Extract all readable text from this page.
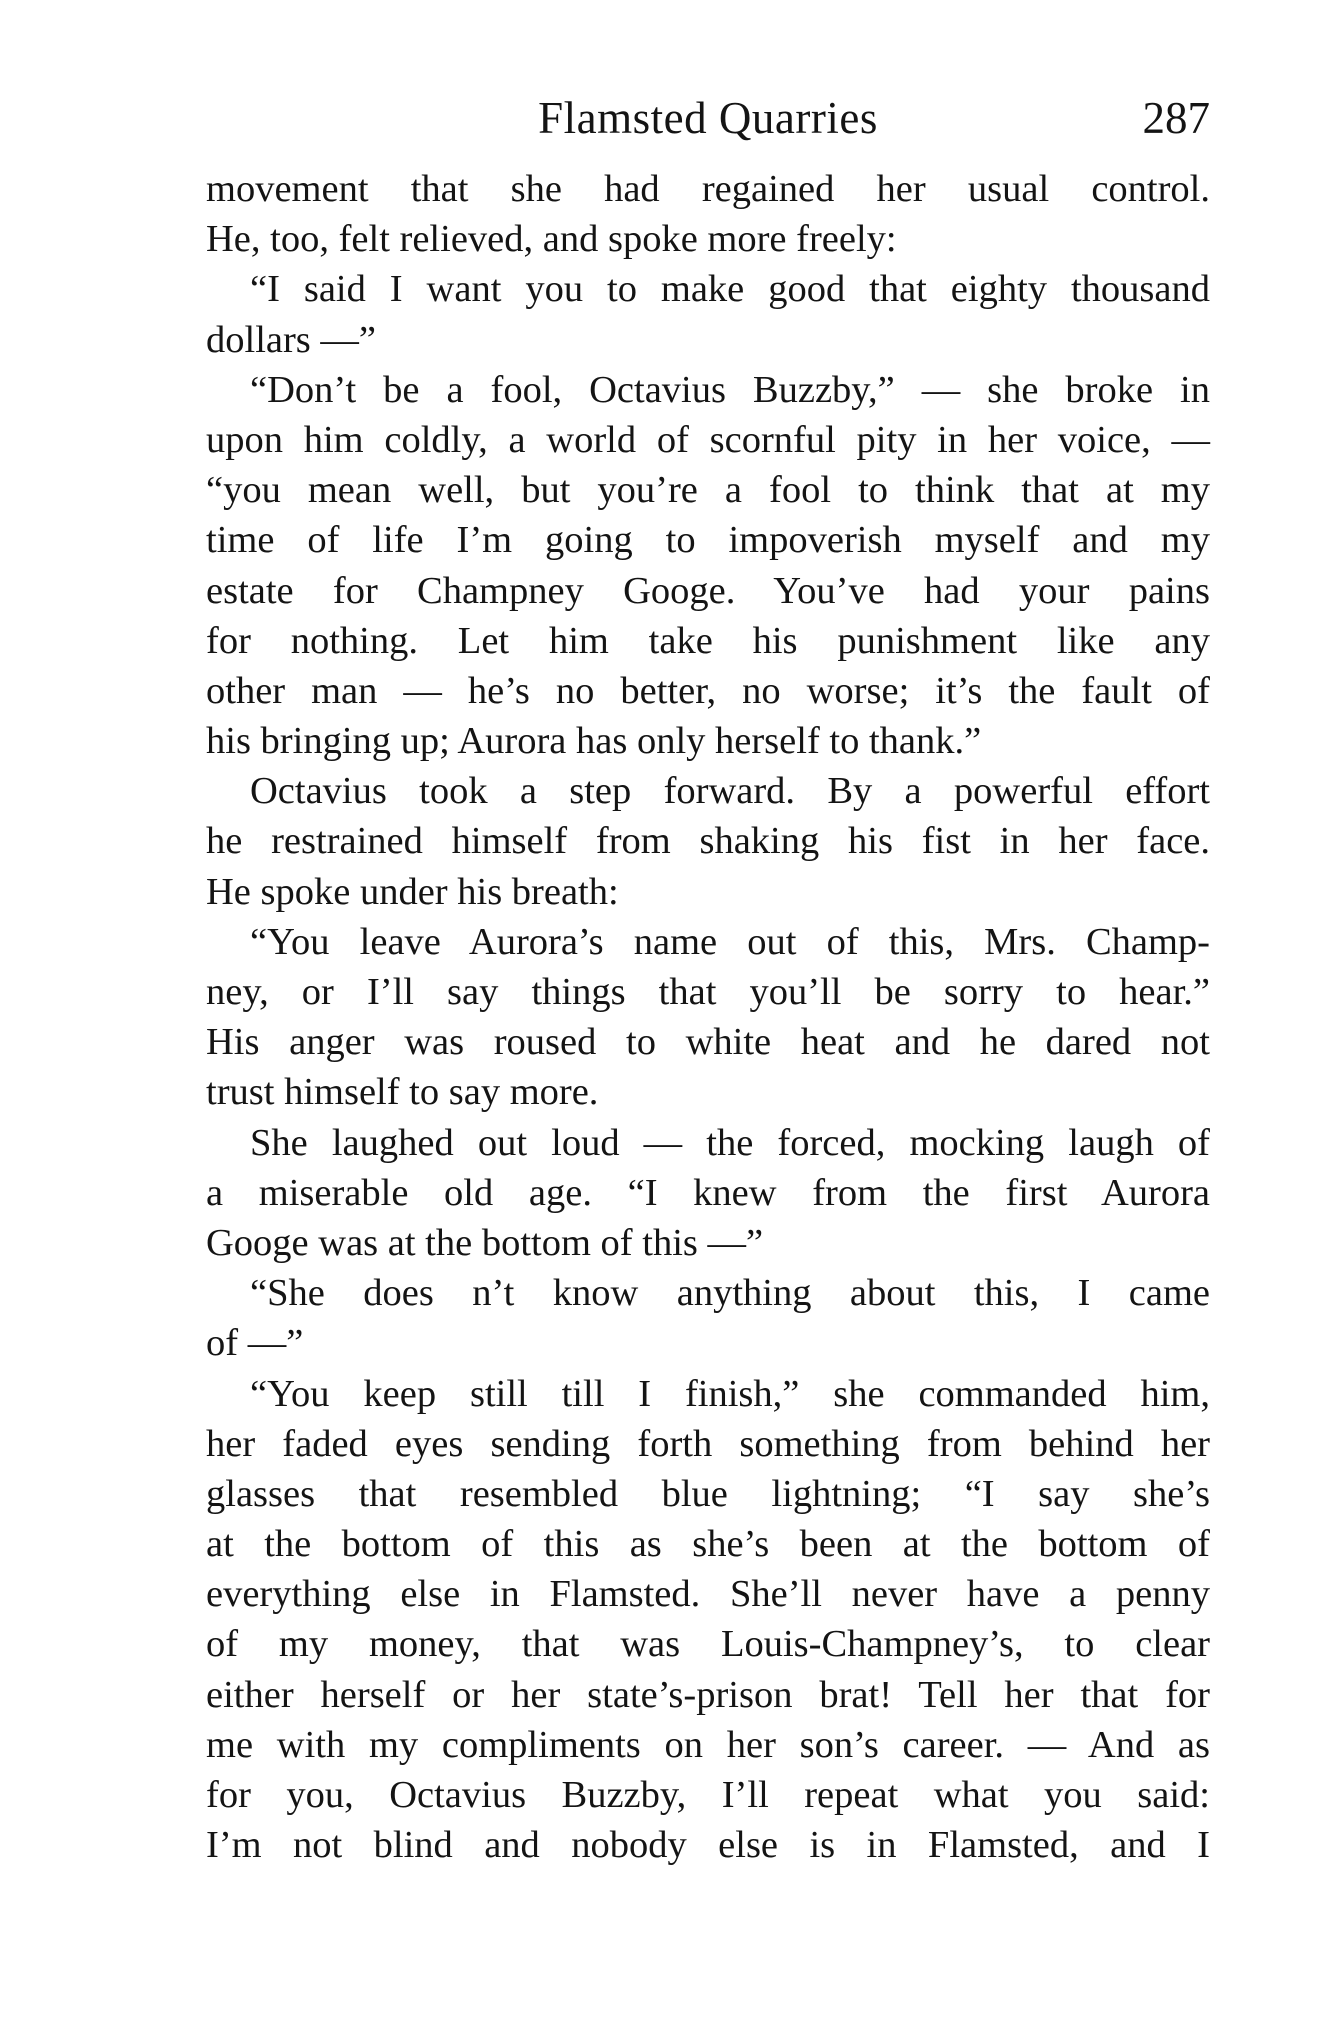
Flamsted Quarries	287
movement that she had regained her usual control.
He, too, felt relieved, and spoke more freely:
“I said I want you to make good that eighty thousand
dollars —”
“Don’t be a fool, Octavius Buzzby,” — she broke in
upon him coldly, a world of scornful pity in her voice, —
“you mean well, but you’re a fool to think that at my
time of life I’m going to impoverish myself and my
estate for Champney Googe. You’ve had your pains
for nothing. Let him take his punishment like any
other man — he’s no better, no worse; it’s the fault of
his bringing up; Aurora has only herself to thank.”
Octavius took a step forward. By a powerful effort
he restrained himself from shaking his fist in her face.
He spoke under his breath:
“You leave Aurora’s name out of this, Mrs. Champ-
ney, or I’ll say things that you’ll be sorry to hear.”
His anger was roused to white heat and he dared not
trust himself to say more.
She laughed out loud — the forced, mocking laugh of
a miserable old age. “I knew from the first Aurora
Googe was at the bottom of this —”
“She does n’t know anything about this, I came
of —”
“You keep still till I finish,” she commanded him,
her faded eyes sending forth something from behind her
glasses that resembled blue lightning; “I say she’s
at the bottom of this as she’s been at the bottom of
everything else in Flamsted. She’ll never have a penny
of my money, that was Louis-Champney’s, to clear
either herself or her state’s-prison brat! Tell her that for
me with my compliments on her son’s career. — And as
for you, Octavius Buzzby, I’ll repeat what you said:
I’m not blind and nobody else is in Flamsted, and I
